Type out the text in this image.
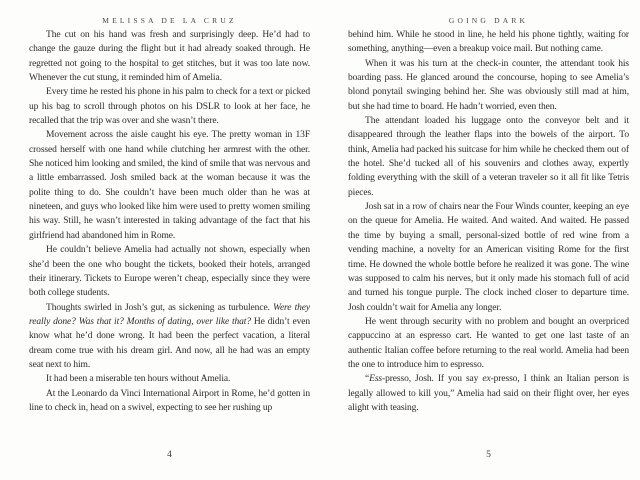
MELISSA DE LA CRUZ

The cut on his hand was fresh and surprisingly deep. He’d had to change the gauze during the flight but it had already soaked through. He regretted not going to the hospital to get stitches, but it was too late now. Whenever the cut stung, it reminded him of Amelia.

Every time he rested his phone in his palm to check for a text or picked up his bag to scroll through photos on his DSLR to look at her face, he recalled that the trip was over and she wasn’t there.

Movement across the aisle caught his eye. The pretty woman in 13F crossed herself with one hand while clutching her armrest with the other. She noticed him looking and smiled, the kind of smile that was nervous and a little embarrassed. Josh smiled back at the woman because it was the polite thing to do. She couldn’t have been much older than he was at nineteen, and guys who looked like him were used to pretty women smiling his way. Still, he wasn’t interested in taking advantage of the fact that his girlfriend had abandoned him in Rome.

He couldn’t believe Amelia had actually not shown, especially when she’d been the one who bought the tickets, booked their hotels, arranged their itinerary. Tickets to Europe weren’t cheap, especially since they were both college students.

Thoughts swirled in Josh’s gut, as sickening as turbulence. Were they really done? Was that it? Months of dating, over like that? He didn’t even know what he’d done wrong. It had been the perfect vacation, a literal dream come true with his dream girl. And now, all he had was an empty seat next to him.

It had been a miserable ten hours without Amelia.

At the Leonardo da Vinci International Airport in Rome, he’d gotten in line to check in, head on a swivel, expecting to see her rushing up

4
GOING DARK

behind him. While he stood in line, he held his phone tightly, waiting for something, anything—even a breakup voice mail. But nothing came.

When it was his turn at the check-in counter, the attendant took his boarding pass. He glanced around the concourse, hoping to see Amelia’s blond ponytail swinging behind her. She was obviously still mad at him, but she had time to board. He hadn’t worried, even then.

The attendant loaded his luggage onto the conveyor belt and it disappeared through the leather flaps into the bowels of the airport. To think, Amelia had packed his suitcase for him while he checked them out of the hotel. She’d tucked all of his souvenirs and clothes away, expertly folding everything with the skill of a veteran traveler so it all fit like Tetris pieces.

Josh sat in a row of chairs near the Four Winds counter, keeping an eye on the queue for Amelia. He waited. And waited. And waited. He passed the time by buying a small, personal-sized bottle of red wine from a vending machine, a novelty for an American visiting Rome for the first time. He downed the whole bottle before he realized it was gone. The wine was supposed to calm his nerves, but it only made his stomach full of acid and turned his tongue purple. The clock inched closer to departure time. Josh couldn’t wait for Amelia any longer.

He went through security with no problem and bought an overpriced cappuccino at an espresso cart. He wanted to get one last taste of an authentic Italian coffee before returning to the real world. Amelia had been the one to introduce him to espresso.

“Ess-presso, Josh. If you say ex-presso, I think an Italian person is legally allowed to kill you,” Amelia had said on their flight over, her eyes alight with teasing.

5
